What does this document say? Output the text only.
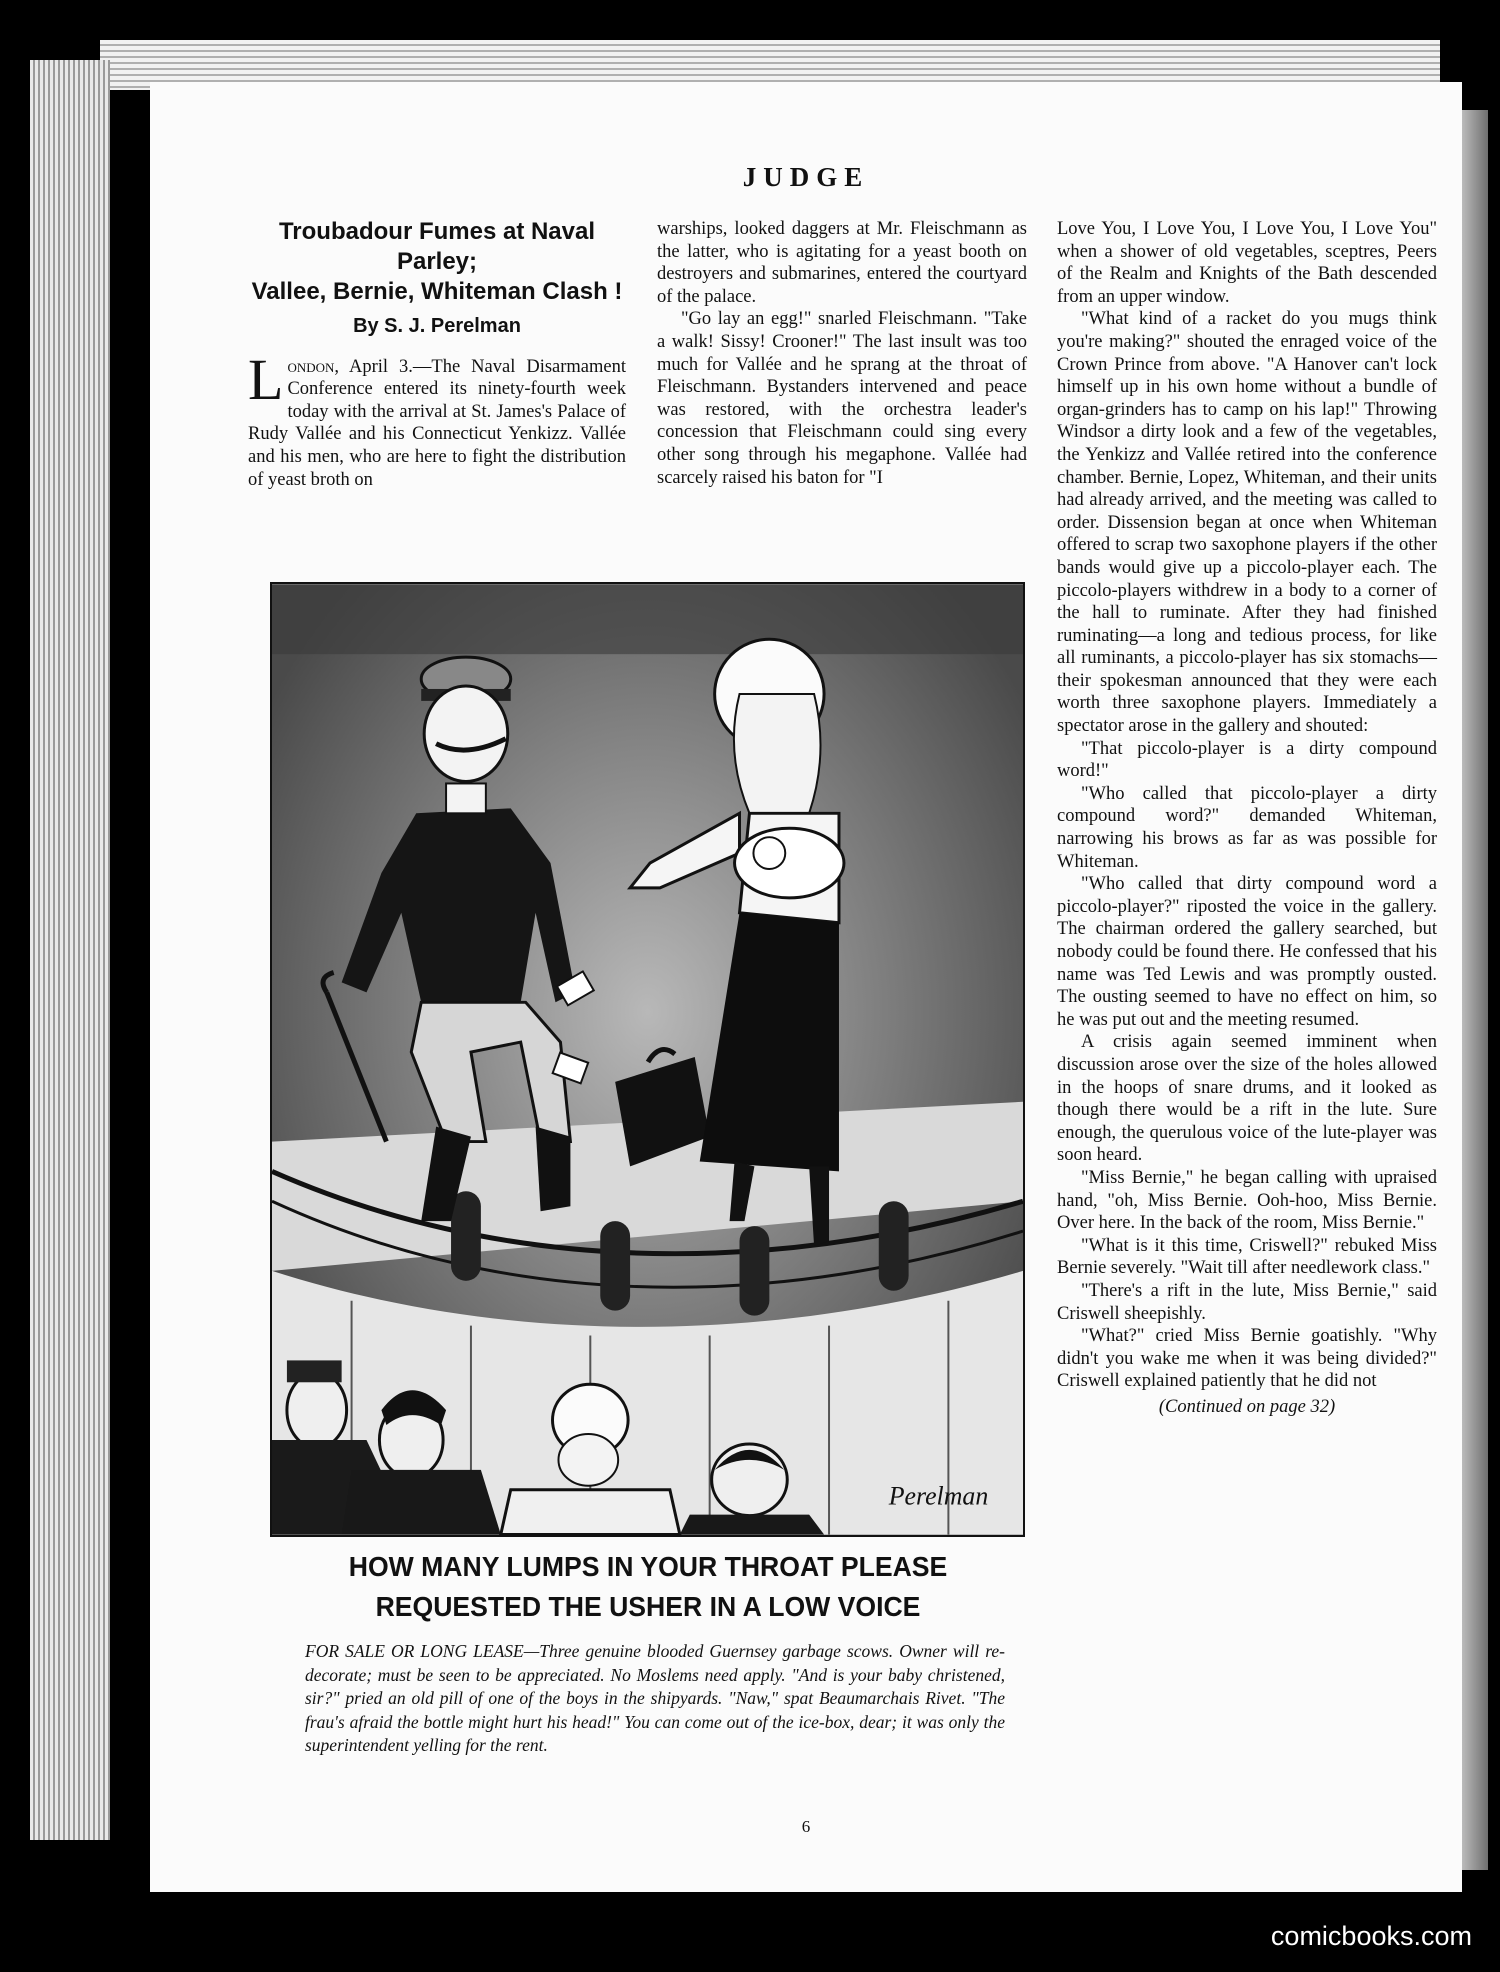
JUDGE
Troubadour Fumes at Naval Parley;
Vallee, Bernie, Whiteman Clash !
By S. J. Perelman

London, April 3.—The Naval Disarmament Conference entered its ninety-fourth week today with the arrival at St. James's Palace of Rudy Vallée and his Connecticut Yenkizz. Vallée and his men, who are here to fight the distribution of yeast broth on

warships, looked daggers at Mr. Fleischmann as the latter, who is agitating for a yeast booth on destroyers and submarines, entered the courtyard of the palace.

"Go lay an egg!" snarled Fleischmann. "Take a walk! Sissy! Crooner!" The last insult was too much for Vallée and he sprang at the throat of Fleischmann. Bystanders intervened and peace was restored, with the orchestra leader's concession that Fleischmann could sing every other song through his megaphone. Vallée had scarcely raised his baton for "I

Love You, I Love You, I Love You, I Love You" when a shower of old vegetables, sceptres, Peers of the Realm and Knights of the Bath descended from an upper window.

"What kind of a racket do you mugs think you're making?" shouted the enraged voice of the Crown Prince from above. "A Hanover can't lock himself up in his own home without a bundle of organ-grinders has to camp on his lap!" Throwing Windsor a dirty look and a few of the vegetables, the Yenkizz and Vallée retired into the conference chamber. Bernie, Lopez, Whiteman, and their units had already arrived, and the meeting was called to order. Dissension began at once when Whiteman offered to scrap two saxophone players if the other bands would give up a piccolo-player each. The piccolo-players withdrew in a body to a corner of the hall to ruminate. After they had finished ruminating—a long and tedious process, for like all ruminants, a piccolo-player has six stomachs—their spokesman announced that they were each worth three saxophone players. Immediately a spectator arose in the gallery and shouted:

"That piccolo-player is a dirty compound word!"

"Who called that piccolo-player a dirty compound word?" demanded Whiteman, narrowing his brows as far as was possible for Whiteman.

"Who called that dirty compound word a piccolo-player?" riposted the voice in the gallery. The chairman ordered the gallery searched, but nobody could be found there. He confessed that his name was Ted Lewis and was promptly ousted. The ousting seemed to have no effect on him, so he was put out and the meeting resumed.

A crisis again seemed imminent when discussion arose over the size of the holes allowed in the hoops of snare drums, and it looked as though there would be a rift in the lute. Sure enough, the querulous voice of the lute-player was soon heard.

"Miss Bernie," he began calling with upraised hand, "oh, Miss Bernie. Ooh-hoo, Miss Bernie. Over here. In the back of the room, Miss Bernie."

"What is it this time, Criswell?" rebuked Miss Bernie severely. "Wait till after needlework class."

"There's a rift in the lute, Miss Bernie," said Criswell sheepishly.

"What?" cried Miss Bernie goatishly. "Why didn't you wake me when it was being divided?" Criswell explained patiently that he did not

(Continued on page 32)
Perelman
HOW MANY LUMPS IN YOUR THROAT PLEASE
REQUESTED THE USHER IN A LOW VOICE
FOR SALE OR LONG LEASE—Three genuine blooded Guernsey garbage scows. Owner will re-decorate; must be seen to be appreciated. No Moslems need apply. "And is your baby christened, sir?" pried an old pill of one of the boys in the shipyards. "Naw," spat Beaumarchais Rivet. "The frau's afraid the bottle might hurt his head!" You can come out of the ice-box, dear; it was only the superintendent yelling for the rent.
6
comicbooks.com
